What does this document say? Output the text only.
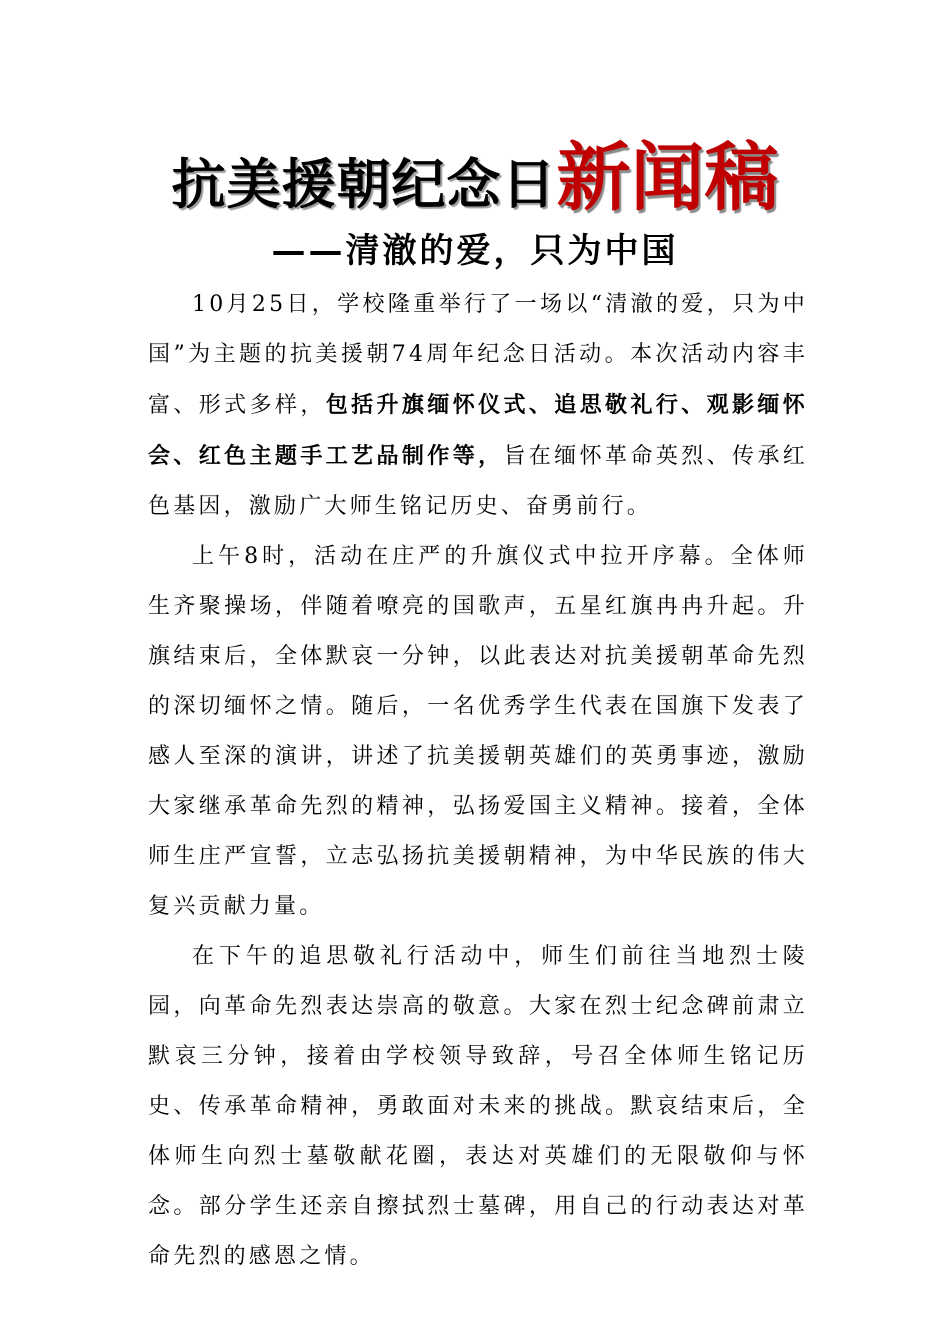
抗美援朝纪念日新闻稿
——清澈的爱，只为中国

10月25日，学校隆重举行了一场以“清澈的爱，只为中国”为主题的抗美援朝74周年纪念日活动。本次活动内容丰富、形式多样，包括升旗缅怀仪式、追思敬礼行、观影缅怀会、红色主题手工艺品制作等，旨在缅怀革命英烈、传承红色基因，激励广大师生铭记历史、奋勇前行。

上午8时，活动在庄严的升旗仪式中拉开序幕。全体师生齐聚操场，伴随着嘹亮的国歌声，五星红旗冉冉升起。升旗结束后，全体默哀一分钟，以此表达对抗美援朝革命先烈的深切缅怀之情。随后，一名优秀学生代表在国旗下发表了感人至深的演讲，讲述了抗美援朝英雄们的英勇事迹，激励大家继承革命先烈的精神，弘扬爱国主义精神。接着，全体师生庄严宣誓，立志弘扬抗美援朝精神，为中华民族的伟大复兴贡献力量。

在下午的追思敬礼行活动中，师生们前往当地烈士陵园，向革命先烈表达崇高的敬意。大家在烈士纪念碑前肃立默哀三分钟，接着由学校领导致辞，号召全体师生铭记历史、传承革命精神，勇敢面对未来的挑战。默哀结束后，全体师生向烈士墓敬献花圈，表达对英雄们的无限敬仰与怀念。部分学生还亲自擦拭烈士墓碑，用自己的行动表达对革命先烈的感恩之情。
